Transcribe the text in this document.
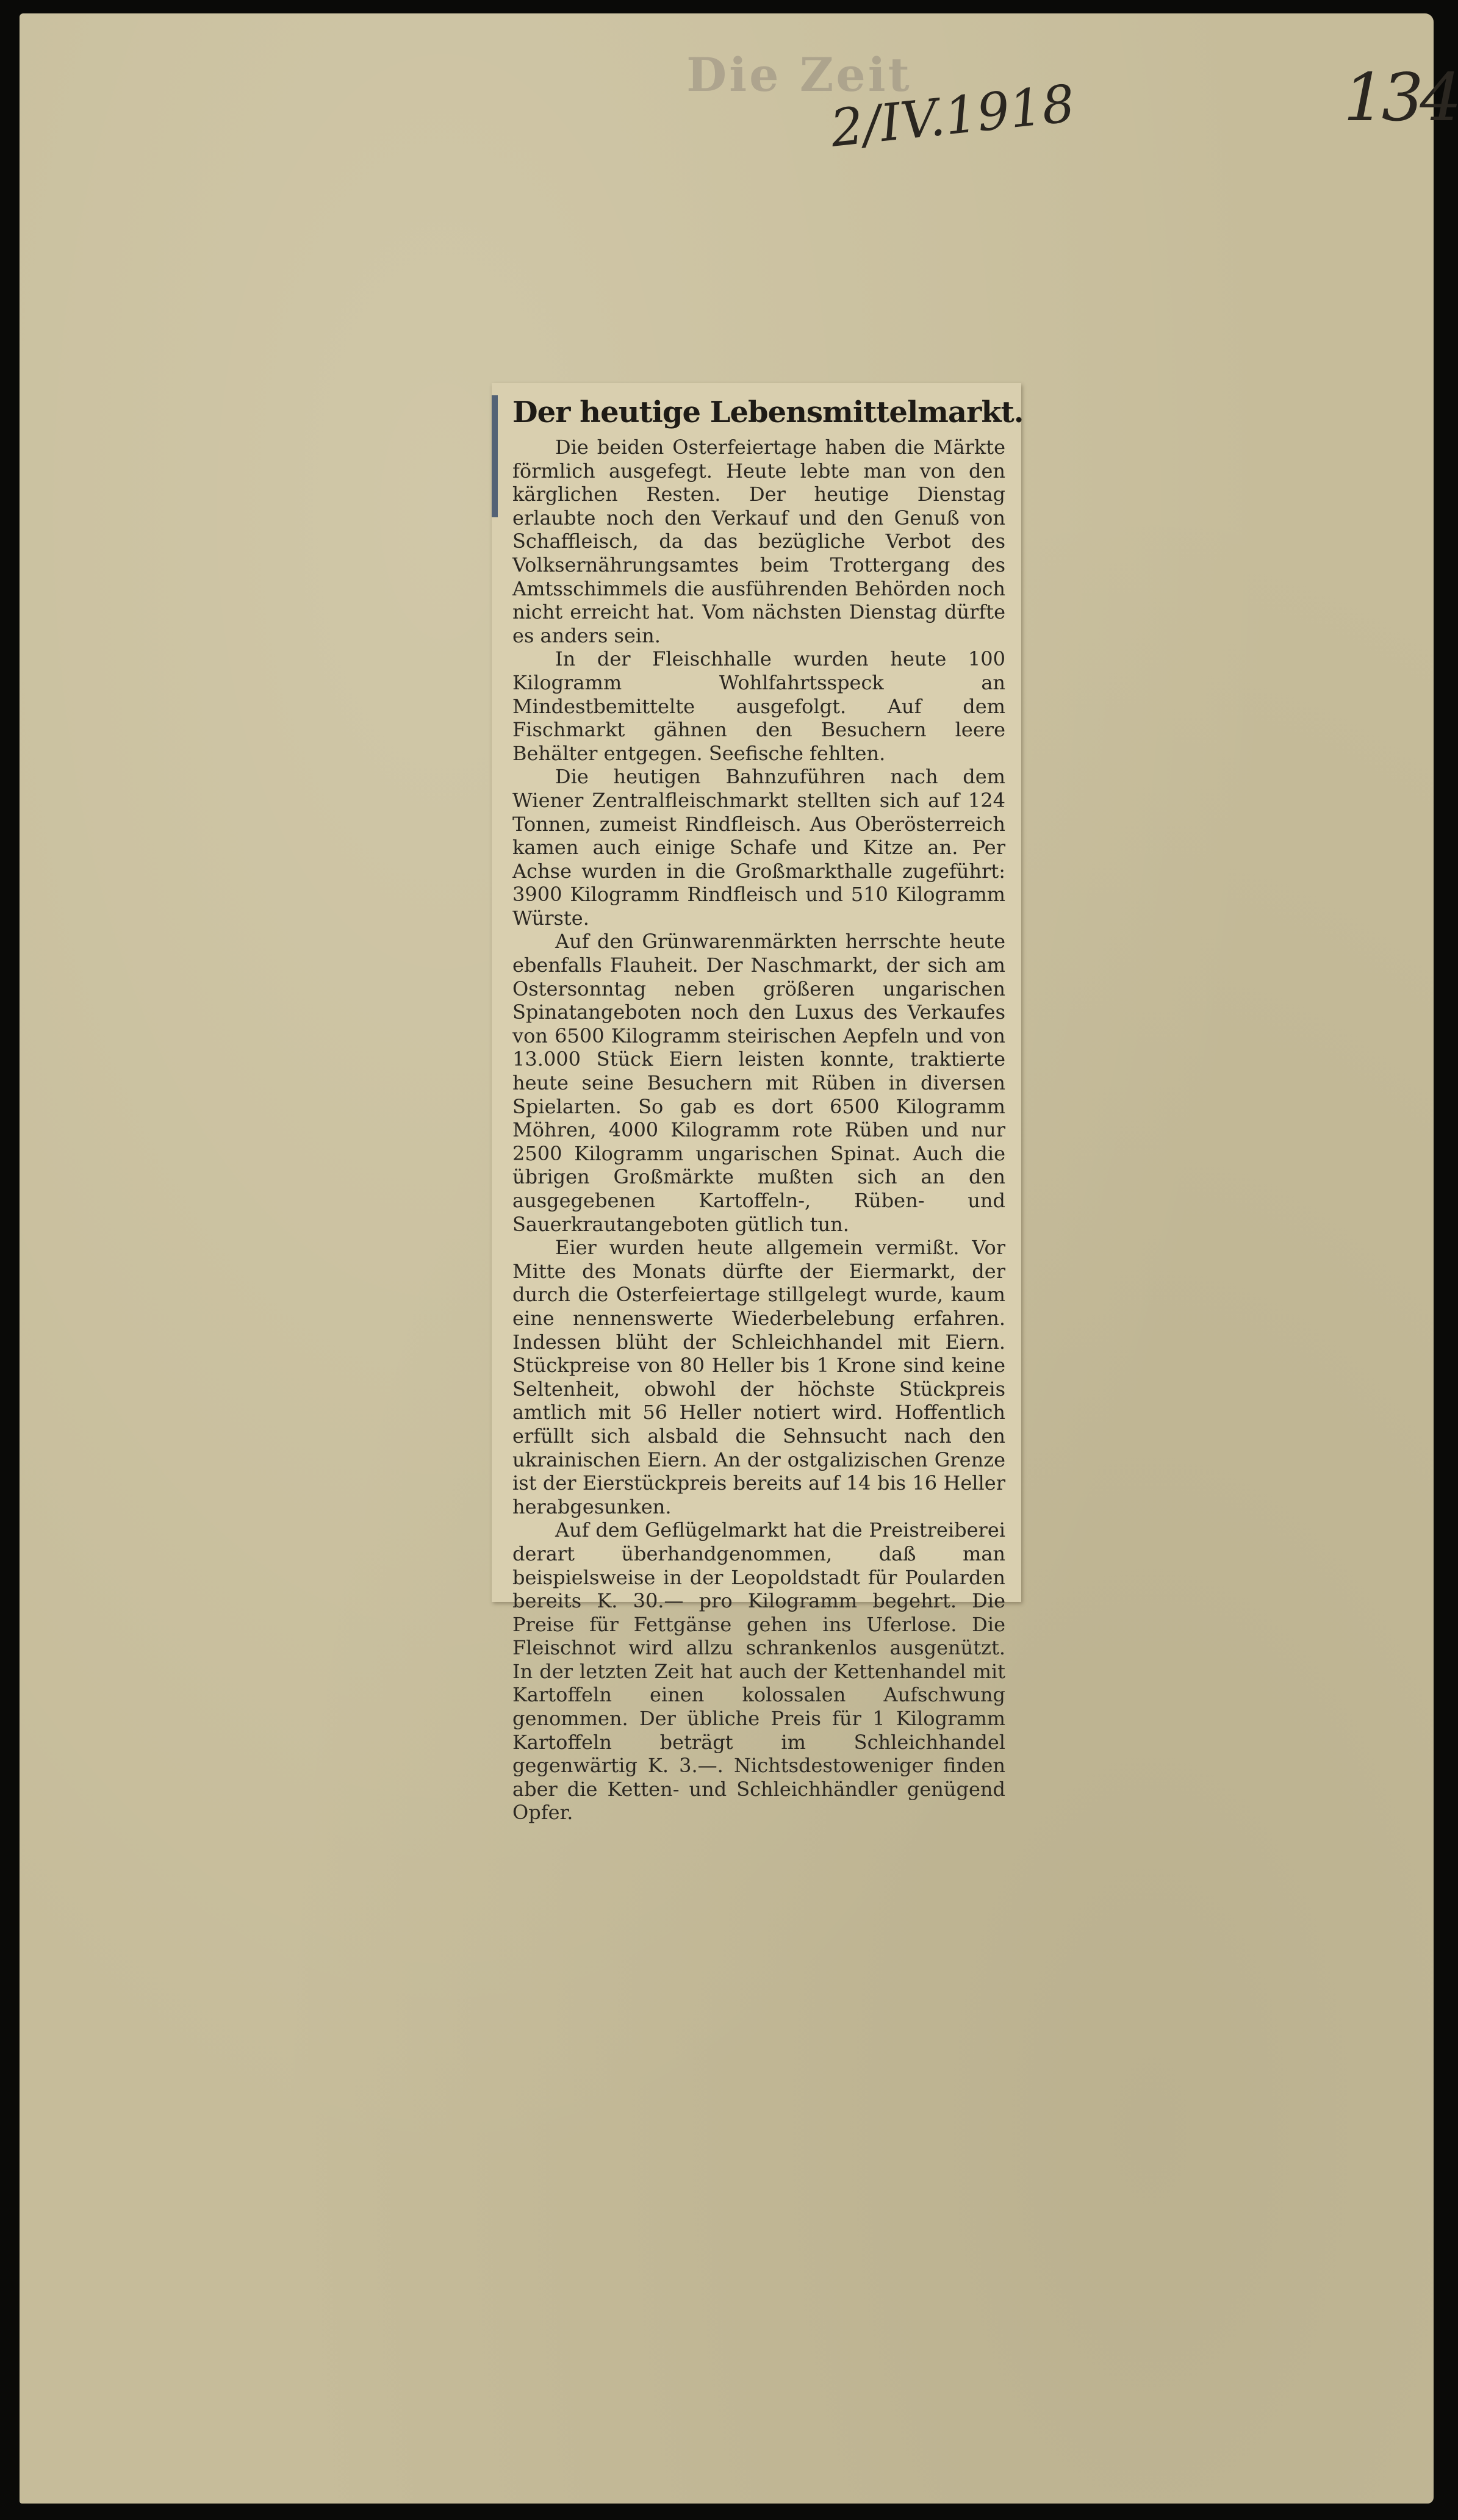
Die Zeit
2/IV.1918	134
Der heutige Lebensmittelmarkt.

Die beiden Osterfeiertage haben die Märkte förmlich ausgefegt. Heute lebte man von den kärglichen Resten. Der heutige Dienstag erlaubte noch den Verkauf und den Genuß von Schaffleisch, da das bezügliche Verbot des Volksernährungsamtes beim Trottergang des Amtsschimmels die ausführenden Behörden noch nicht erreicht hat. Vom nächsten Dienstag dürfte es anders sein.

In der Fleischhalle wurden heute 100 Kilogramm Wohlfahrtsspeck an Mindestbemittelte ausgefolgt. Auf dem Fischmarkt gähnen den Besuchern leere Behälter entgegen. Seefische fehlten.

Die heutigen Bahnzuführen nach dem Wiener Zentralfleischmarkt stellten sich auf 124 Tonnen, zumeist Rindfleisch. Aus Oberösterreich kamen auch einige Schafe und Kitze an. Per Achse wurden in die Großmarkthalle zugeführt: 3900 Kilogramm Rindfleisch und 510 Kilogramm Würste.

Auf den Grünwarenmärkten herrschte heute ebenfalls Flauheit. Der Naschmarkt, der sich am Ostersonntag neben größeren ungarischen Spinatangeboten noch den Luxus des Verkaufes von 6500 Kilogramm steirischen Aepfeln und von 13.000 Stück Eiern leisten konnte, traktierte heute seine Besuchern mit Rüben in diversen Spielarten. So gab es dort 6500 Kilogramm Möhren, 4000 Kilogramm rote Rüben und nur 2500 Kilogramm ungarischen Spinat. Auch die übrigen Großmärkte mußten sich an den ausgegebenen Kartoffeln-, Rüben- und Sauerkrautangeboten gütlich tun.

Eier wurden heute allgemein vermißt. Vor Mitte des Monats dürfte der Eiermarkt, der durch die Osterfeiertage stillgelegt wurde, kaum eine nennenswerte Wiederbelebung erfahren. Indessen blüht der Schleichhandel mit Eiern. Stückpreise von 80 Heller bis 1 Krone sind keine Seltenheit, obwohl der höchste Stückpreis amtlich mit 56 Heller notiert wird. Hoffentlich erfüllt sich alsbald die Sehnsucht nach den ukrainischen Eiern. An der ostgalizischen Grenze ist der Eierstückpreis bereits auf 14 bis 16 Heller herabgesunken.

Auf dem Geflügelmarkt hat die Preistreiberei derart überhandgenommen, daß man beispielsweise in der Leopoldstadt für Poularden bereits K. 30.— pro Kilogramm begehrt. Die Preise für Fettgänse gehen ins Uferlose. Die Fleischnot wird allzu schrankenlos ausgenützt. In der letzten Zeit hat auch der Kettenhandel mit Kartoffeln einen kolossalen Aufschwung genommen. Der übliche Preis für 1 Kilogramm Kartoffeln beträgt im Schleichhandel gegenwärtig K. 3.—. Nichtsdestoweniger finden aber die Ketten- und Schleichhändler genügend Opfer.
